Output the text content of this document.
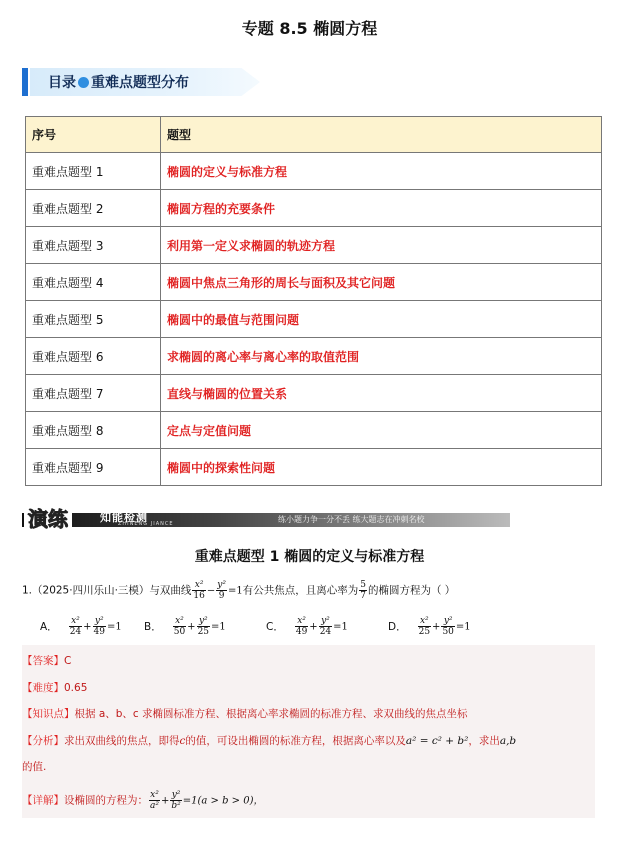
专题 8.5 椭圆方程
目录 重难点题型分布
序号	题型
重难点题型 1	椭圆的定义与标准方程
重难点题型 2	椭圆方程的充要条件
重难点题型 3	利用第一定义求椭圆的轨迹方程
重难点题型 4	椭圆中焦点三角形的周长与面积及其它问题
重难点题型 5	椭圆中的最值与范围问题
重难点题型 6	求椭圆的离心率与离心率的取值范围
重难点题型 7	直线与椭圆的位置关系
重难点题型 8	定点与定值问题
重难点题型 9	椭圆中的探索性问题
演练	知能检测
ZHINENG JIANCE	练小题力争一分不丢 练大题志在冲刺名校
重难点题型 1 椭圆的定义与标准方程
1.（2025·四川乐山·三模）与双曲线 $\frac{\text{x²}}{16} - \frac{\text{y²}}{9} =1$有公共焦点，且离心率为 $\frac{5}{7}$ 的椭圆方程为（ ）
A． $\frac{\text{x²}}{24} + \frac{\text{y²}}{49} =1$ B． $\frac{\text{x²}}{50} + \frac{\text{y²}}{25} =1$	C． $\frac{\text{x²}}{49} + \frac{\text{y²}}{24} =1$	D． $\frac{\text{x²}}{25} + \frac{\text{y²}}{50} =1$
【答案】C
【难度】0.65
【知识点】根据 a、b、c 求椭圆标准方程、根据离心率求椭圆的标准方程、求双曲线的焦点坐标
【分析】求出双曲线的焦点，即得c的值，可设出椭圆的标准方程，根据离心率以及a² = c² + b²，求出a,b
的值.
【详解】设椭圆的方程为： $\frac{\text{x²}}{\text{a²}} + \frac{\text{y²}}{\text{b²}} =1(a > b > 0)$，
